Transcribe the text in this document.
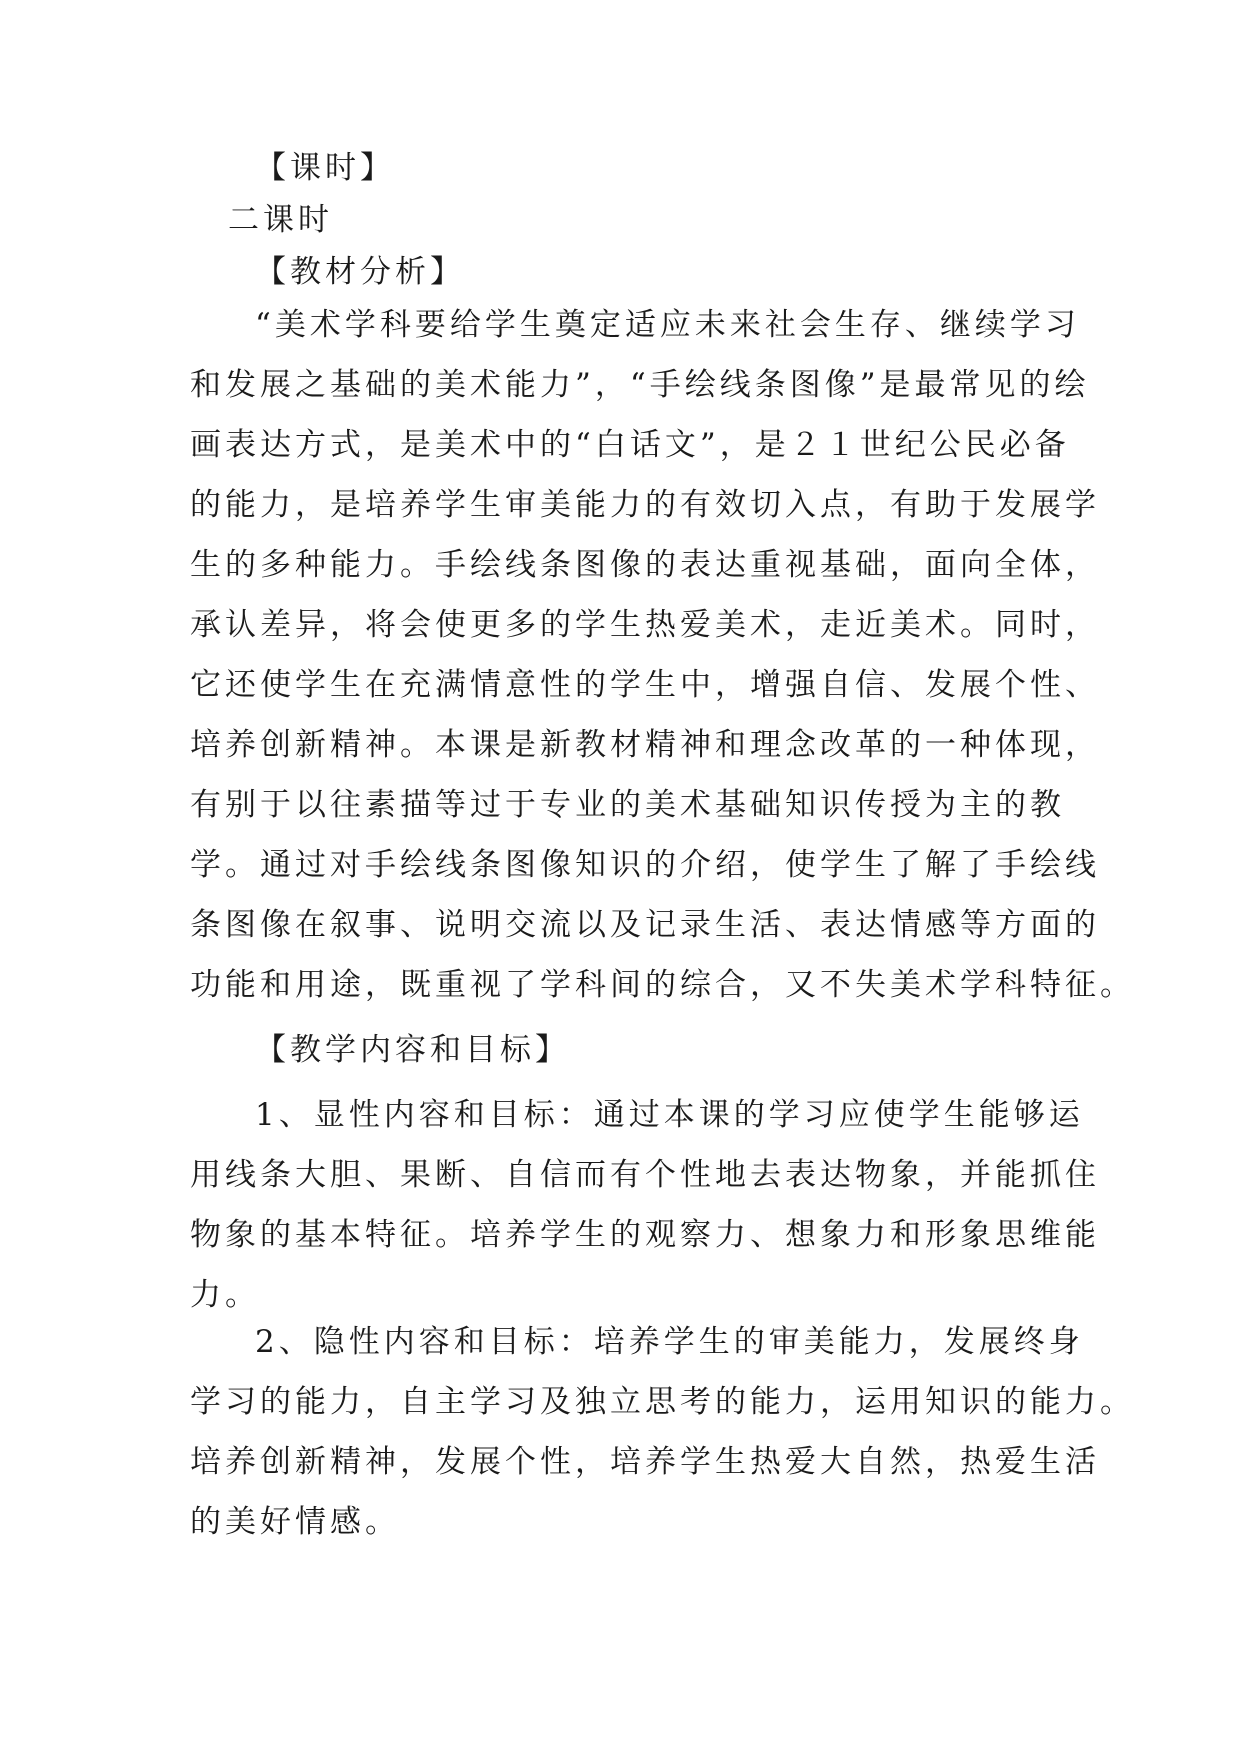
【课时】

二课时

【教材分析】

“美术学科要给学生奠定适应未来社会生存、继续学习
和发展之基础的美术能力”，“手绘线条图像”是最常见的绘
画表达方式，是美术中的“白话文”，是２１世纪公民必备
的能力，是培养学生审美能力的有效切入点，有助于发展学
生的多种能力。手绘线条图像的表达重视基础，面向全体，
承认差异，将会使更多的学生热爱美术，走近美术。同时，
它还使学生在充满情意性的学生中，增强自信、发展个性、
培养创新精神。本课是新教材精神和理念改革的一种体现，
有别于以往素描等过于专业的美术基础知识传授为主的教
学。通过对手绘线条图像知识的介绍，使学生了解了手绘线
条图像在叙事、说明交流以及记录生活、表达情感等方面的
功能和用途，既重视了学科间的综合，又不失美术学科特征。

【教学内容和目标】

1、显性内容和目标：通过本课的学习应使学生能够运
用线条大胆、果断、自信而有个性地去表达物象，并能抓住
物象的基本特征。培养学生的观察力、想象力和形象思维能
力。
2、隐性内容和目标：培养学生的审美能力，发展终身
学习的能力，自主学习及独立思考的能力，运用知识的能力。
培养创新精神，发展个性，培养学生热爱大自然，热爱生活
的美好情感。
